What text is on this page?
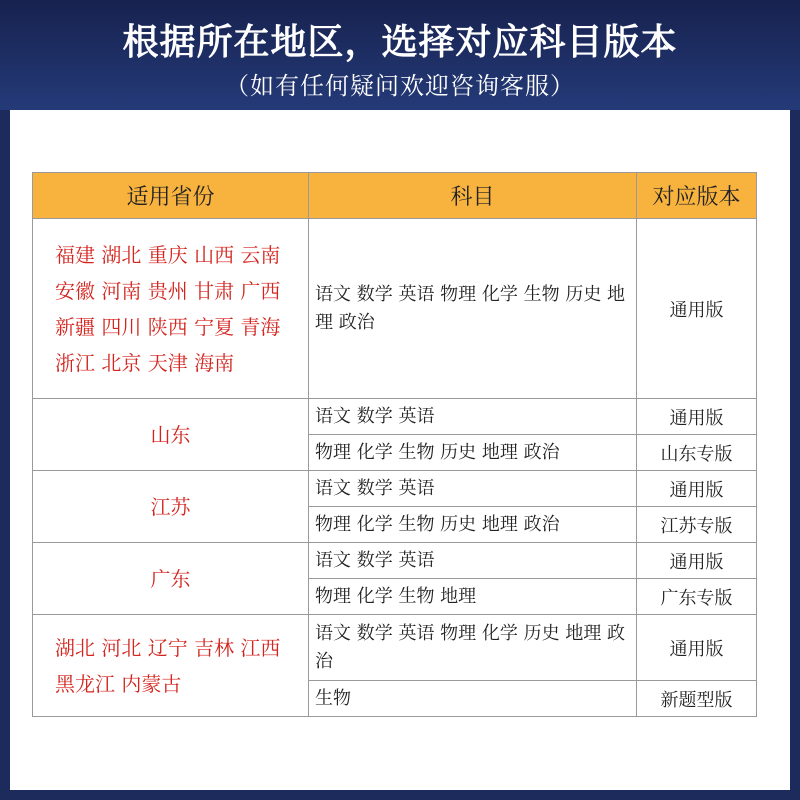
根据所在地区，选择对应科目版本
（如有任何疑问欢迎咨询客服）
适用省份	科目	对应版本
福建 湖北 重庆 山西 云南 安徽 河南 贵州 甘肃 广西 新疆 四川 陕西 宁夏 青海 浙江 北京 天津 海南	语文 数学 英语 物理 化学 生物 历史 地理 政治	通用版
山东	语文 数学 英语	通用版
	物理 化学 生物 历史 地理 政治	山东专版
江苏	语文 数学 英语	通用版
	物理 化学 生物 历史 地理 政治	江苏专版
广东	语文 数学 英语	通用版
	物理 化学 生物 地理	广东专版
湖北 河北 辽宁 吉林 江西 黑龙江 内蒙古	语文 数学 英语 物理 化学 历史 地理 政治	通用版
	生物	新题型版
